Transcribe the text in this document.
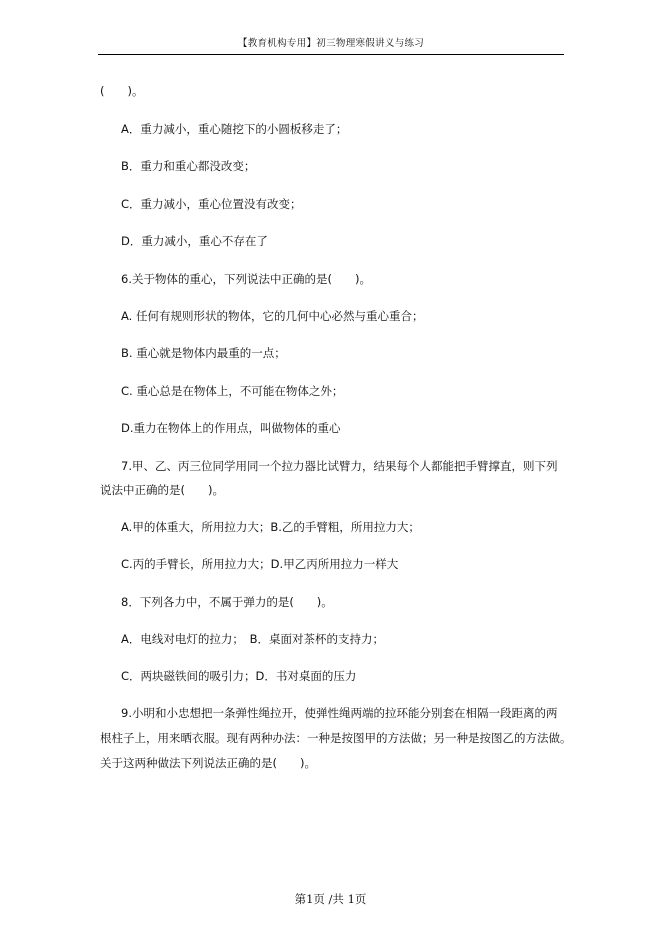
【教育机构专用】初三物理寒假讲义与练习
(　　)。
A．重力减小，重心随挖下的小圆板移走了；
B．重力和重心都没改变；
C．重力减小，重心位置没有改变；
D．重力减小，重心不存在了
6.关于物体的重心，下列说法中正确的是(　　)。
A. 任何有规则形状的物体，它的几何中心必然与重心重合；
B. 重心就是物体内最重的一点；
C. 重心总是在物体上，不可能在物体之外；
D.重力在物体上的作用点，叫做物体的重心
7.甲、乙、丙三位同学用同一个拉力器比试臂力，结果每个人都能把手臂撑直，则下列
说法中正确的是(　　)。
A.甲的体重大，所用拉力大；B.乙的手臂粗，所用拉力大；
C.丙的手臂长，所用拉力大；D.甲乙丙所用拉力一样大
8．下列各力中，不属于弹力的是(　　)。
A．电线对电灯的拉力；　B．桌面对茶杯的支持力；
C．两块磁铁间的吸引力；D．书对桌面的压力
9.小明和小忠想把一条弹性绳拉开，使弹性绳两端的拉环能分别套在相隔一段距离的两
根柱子上，用来晒衣服。现有两种办法：一种是按图甲的方法做；另一种是按图乙的方法做。
关于这两种做法下列说法正确的是(　　)。
第1页 /共 1页
